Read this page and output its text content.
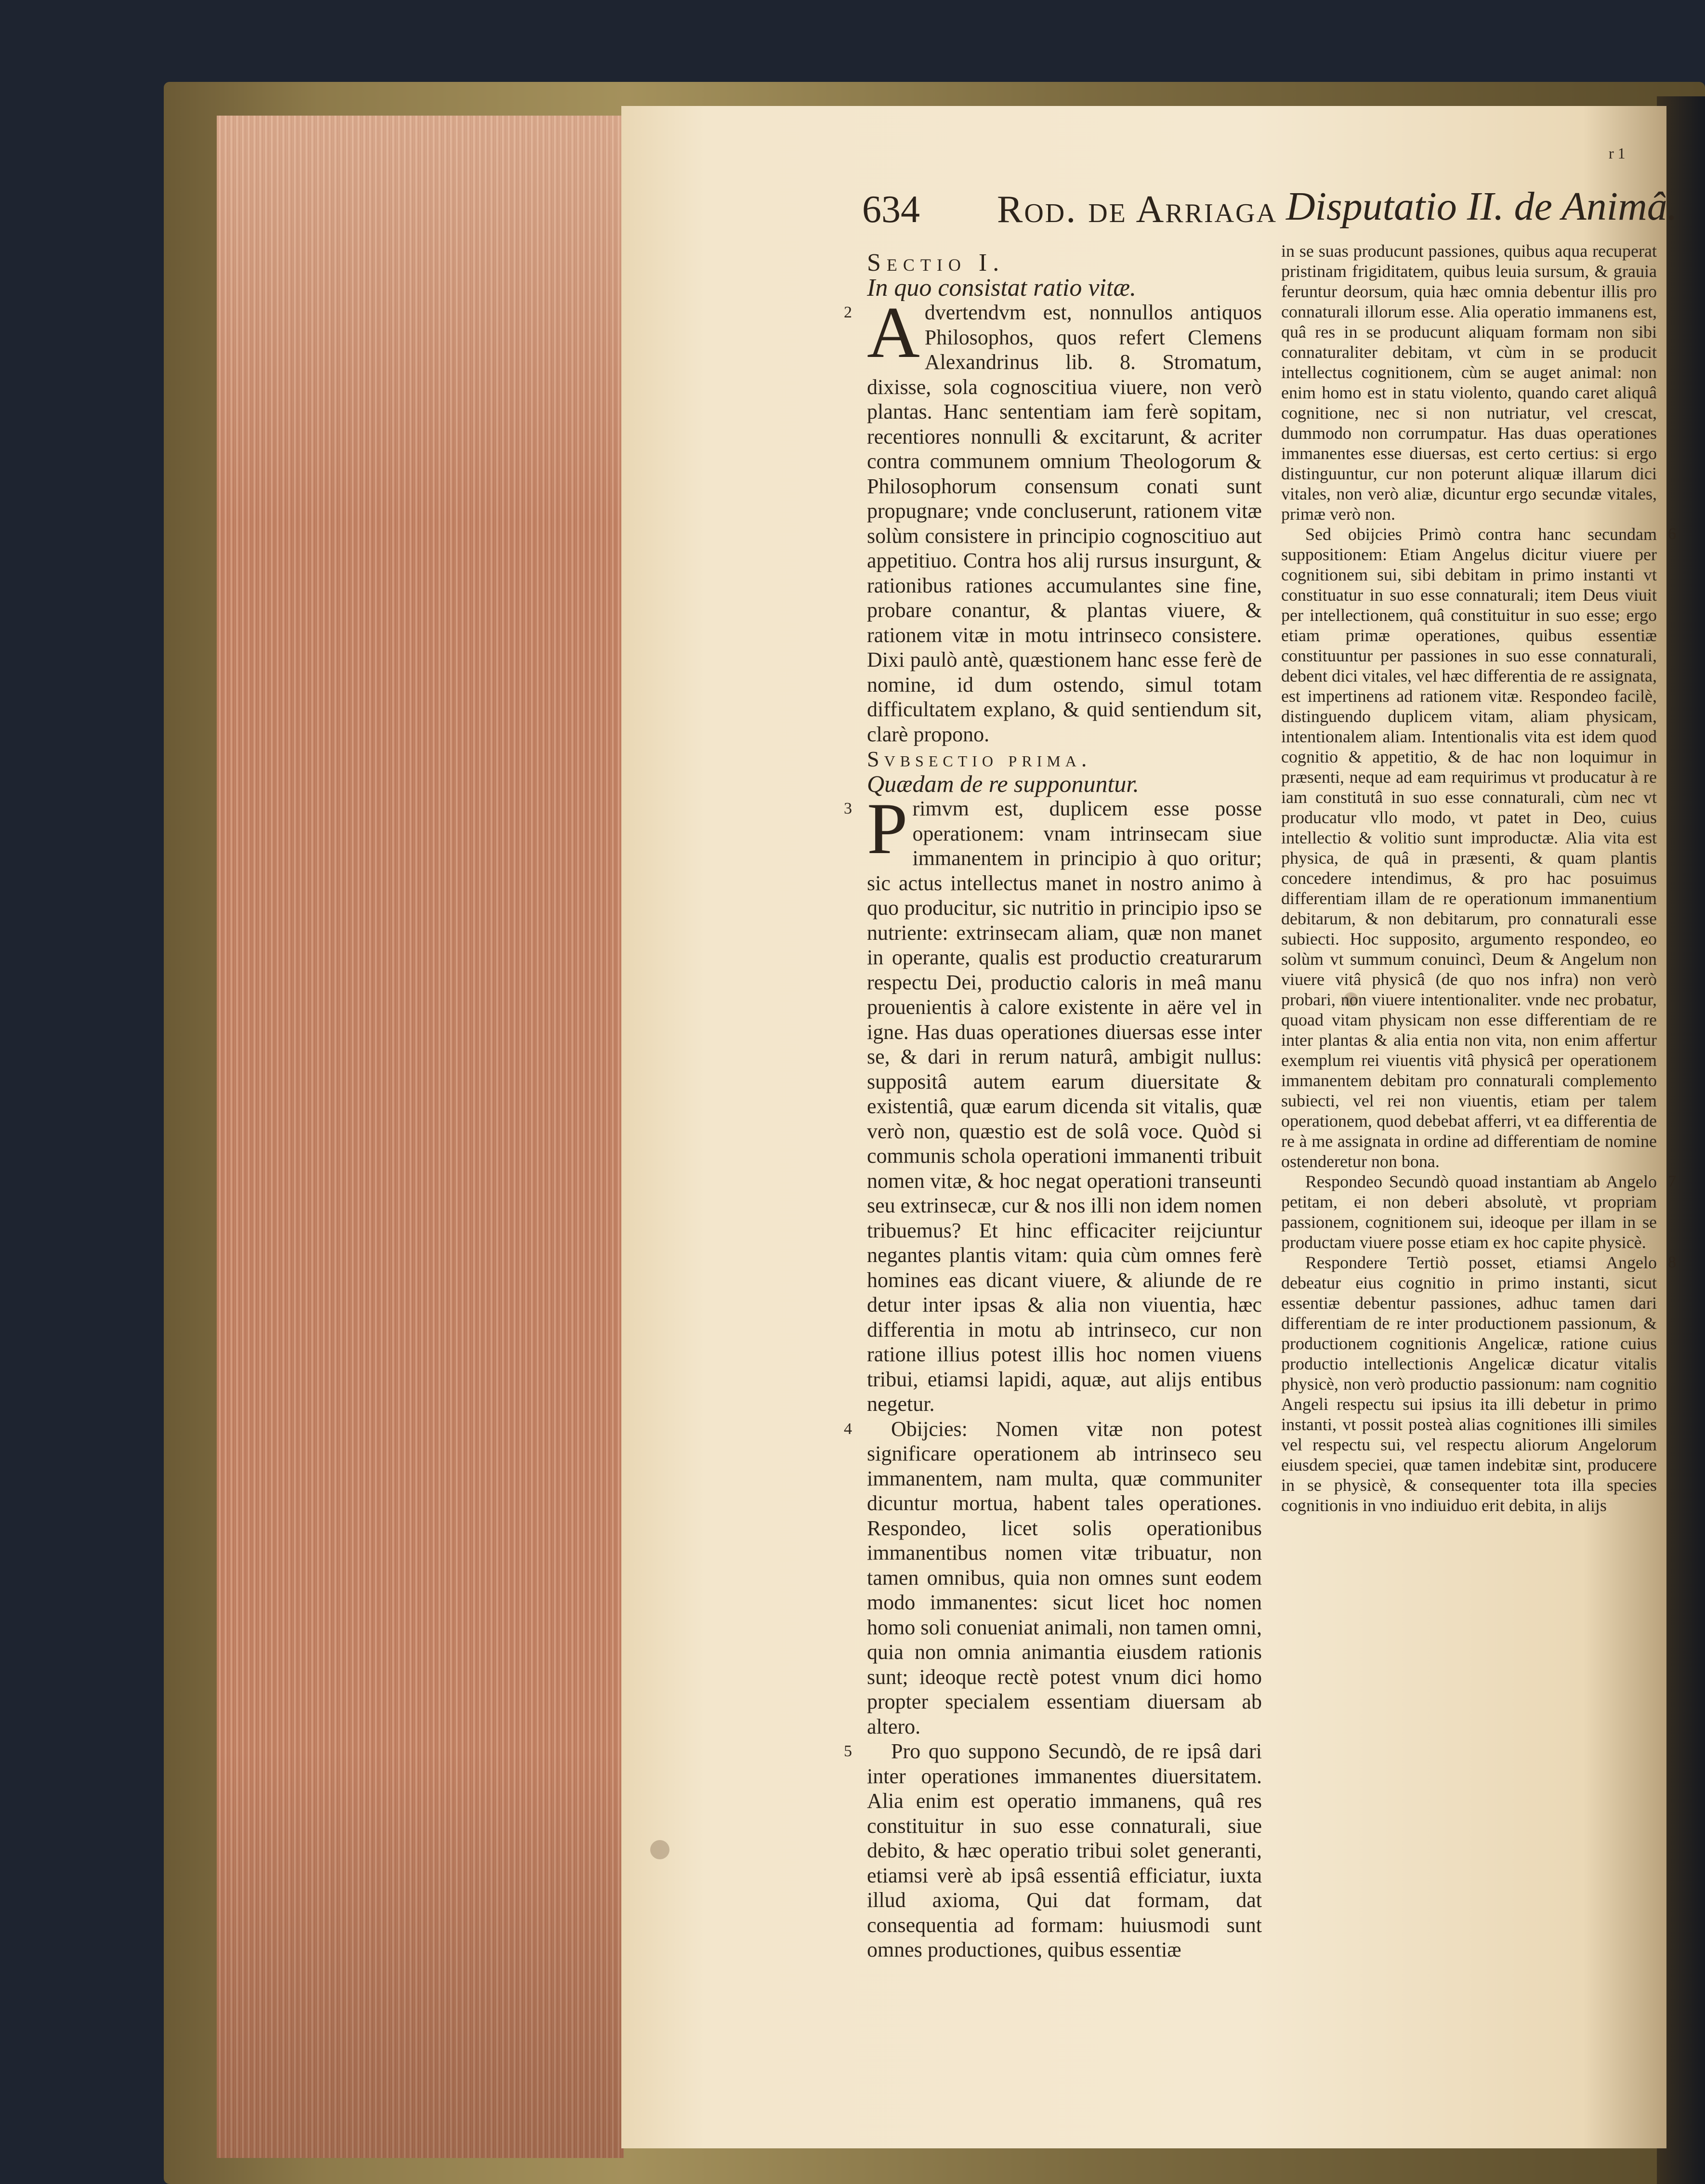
r 1
634 Rod. de Arriaga Disputatio II. de Animâ.

Sectio I.

In quo consistat ratio vitæ.

2 Advertendvm est, nonnullos antiquos Philosophos, quos refert Clemens Alexandrinus lib. 8. Stromatum, dixisse, sola cognoscitiua viuere, non verò plantas. Hanc sententiam iam ferè sopitam, recentiores nonnulli & excitarunt, & acriter contra communem omnium Theologorum & Philosophorum consensum conati sunt propugnare; vnde concluserunt, rationem vitæ solùm consistere in principio cognoscitiuo aut appetitiuo. Contra hos alij rursus insurgunt, & rationibus rationes accumulantes sine fine, probare conantur, & plantas viuere, & rationem vitæ in motu intrinseco consistere. Dixi paulò antè, quæstionem hanc esse ferè de nomine, id dum ostendo, simul totam difficultatem explano, & quid sentiendum sit, clarè propono.

Svbsectio prima.

Quædam de re supponuntur.

3 Primvm est, duplicem esse posse operationem: vnam intrinsecam siue immanentem in principio à quo oritur; sic actus intellectus manet in nostro animo à quo producitur, sic nutritio in principio ipso se nutriente: extrinsecam aliam, quæ non manet in operante, qualis est productio creaturarum respectu Dei, productio caloris in meâ manu prouenientis à calore existente in aëre vel in igne. Has duas operationes diuersas esse inter se, & dari in rerum naturâ, ambigit nullus: suppositâ autem earum diuersitate & existentiâ, quæ earum dicenda sit vitalis, quæ verò non, quæstio est de solâ voce. Quòd si communis schola operationi immanenti tribuit nomen vitæ, & hoc negat operationi transeunti seu extrinsecæ, cur & nos illi non idem nomen tribuemus? Et hinc efficaciter reijciuntur negantes plantis vitam: quia cùm omnes ferè homines eas dicant viuere, & aliunde de re detur inter ipsas & alia non viuentia, hæc differentia in motu ab intrinseco, cur non ratione illius potest illis hoc nomen viuens tribui, etiamsi lapidi, aquæ, aut alijs entibus negetur.

4	Obijcies: Nomen vitæ non potest significare operationem ab intrinseco seu immanentem, nam multa, quæ communiter dicuntur mortua, habent tales operationes. Respondeo, licet solis operationibus immanentibus nomen vitæ tribuatur, non tamen omnibus, quia non omnes sunt eodem modo immanentes: sicut licet hoc nomen homo soli conueniat animali, non tamen omni, quia non omnia animantia eiusdem rationis sunt; ideoque rectè potest vnum dici homo propter specialem essentiam diuersam ab altero.

5	Pro quo suppono Secundò, de re ipsâ dari inter operationes immanentes diuersitatem. Alia enim est operatio immanens, quâ res constituitur in suo esse connaturali, siue debito, & hæc operatio tribui solet generanti, etiamsi verè ab ipsâ essentiâ efficiatur, iuxta illud axioma, Qui dat formam, dat consequentia ad formam: huiusmodi sunt omnes productiones, quibus essentiæ

in se suas producunt passiones, quibus aqua recuperat pristinam frigiditatem, quibus leuia sursum, & grauia feruntur deorsum, quia hæc omnia debentur illis pro connaturali illorum esse. Alia operatio immanens est, quâ res in se producunt aliquam formam non sibi connaturaliter debitam, vt cùm in se producit intellectus cognitionem, cùm se auget animal: non enim homo est in statu violento, quando caret aliquâ cognitione, nec si non nutriatur, vel crescat, dummodo non corrumpatur. Has duas operationes immanentes esse diuersas, est certo certius: si ergo distinguuntur, cur non poterunt aliquæ illarum dici vitales, non verò aliæ, dicuntur ergo secundæ vitales, primæ verò non.

6

Sed obijcies Primò contra hanc secundam suppositionem: Etiam Angelus dicitur viuere per cognitionem sui, sibi debitam in primo instanti vt constituatur in suo esse connaturali; item Deus viuit per intellectionem, quâ constituitur in suo esse; ergo etiam primæ operationes, quibus essentiæ constituuntur per passiones in suo esse connaturali, debent dici vitales, vel hæc differentia de re assignata, est impertinens ad rationem vitæ. Respondeo facilè, distinguendo duplicem vitam, aliam physicam, intentionalem aliam. Intentionalis vita est idem quod cognitio & appetitio, & de hac non loquimur in præsenti, neque ad eam requirimus vt producatur à re iam constitutâ in suo esse connaturali, cùm nec vt producatur vllo modo, vt patet in Deo, cuius intellectio & volitio sunt improductæ. Alia vita est physica, de quâ in præsenti, & quam plantis concedere intendimus, & pro hac posuimus differentiam illam de re operationum immanentium debitarum, & non debitarum, pro connaturali esse subiecti. Hoc supposito, argumento respondeo, eo solùm vt summum conuincì, Deum & Angelum non viuere vitâ physicâ (de quo nos infra) non verò probari, non viuere intentionaliter. vnde nec probatur, quoad vitam physicam non esse differentiam de re inter plantas & alia entia non vita, non enim affertur exemplum rei viuentis vitâ physicâ per operationem immanentem debitam pro connaturali complemento subiecti, vel rei non viuentis, etiam per talem operationem, quod debebat afferri, vt ea differentia de re à me assignata in ordine ad differentiam de nomine ostenderetur non bona.

7

Respondeo Secundò quoad instantiam ab Angelo petitam, ei non deberi absolutè, vt propriam passionem, cognitionem sui, ideoque per illam in se productam viuere posse etiam ex hoc capite physicè.

8

Respondere Tertiò posset, etiamsi Angelo debeatur eius cognitio in primo instanti, sicut essentiæ debentur passiones, adhuc tamen dari differentiam de re inter productionem passionum, & productionem cognitionis Angelicæ, ratione cuius productio intellectionis Angelicæ dicatur vitalis physicè, non verò productio passionum: nam cognitio Angeli respectu sui ipsius ita illi debetur in primo instanti, vt possit posteà alias cognitiones illi similes vel respectu sui, vel respectu aliorum Angelorum eiusdem speciei, quæ tamen indebitæ sint, producere in se physicè, & consequenter tota illa species cognitionis in vno indiuiduo erit debita, in alijs
